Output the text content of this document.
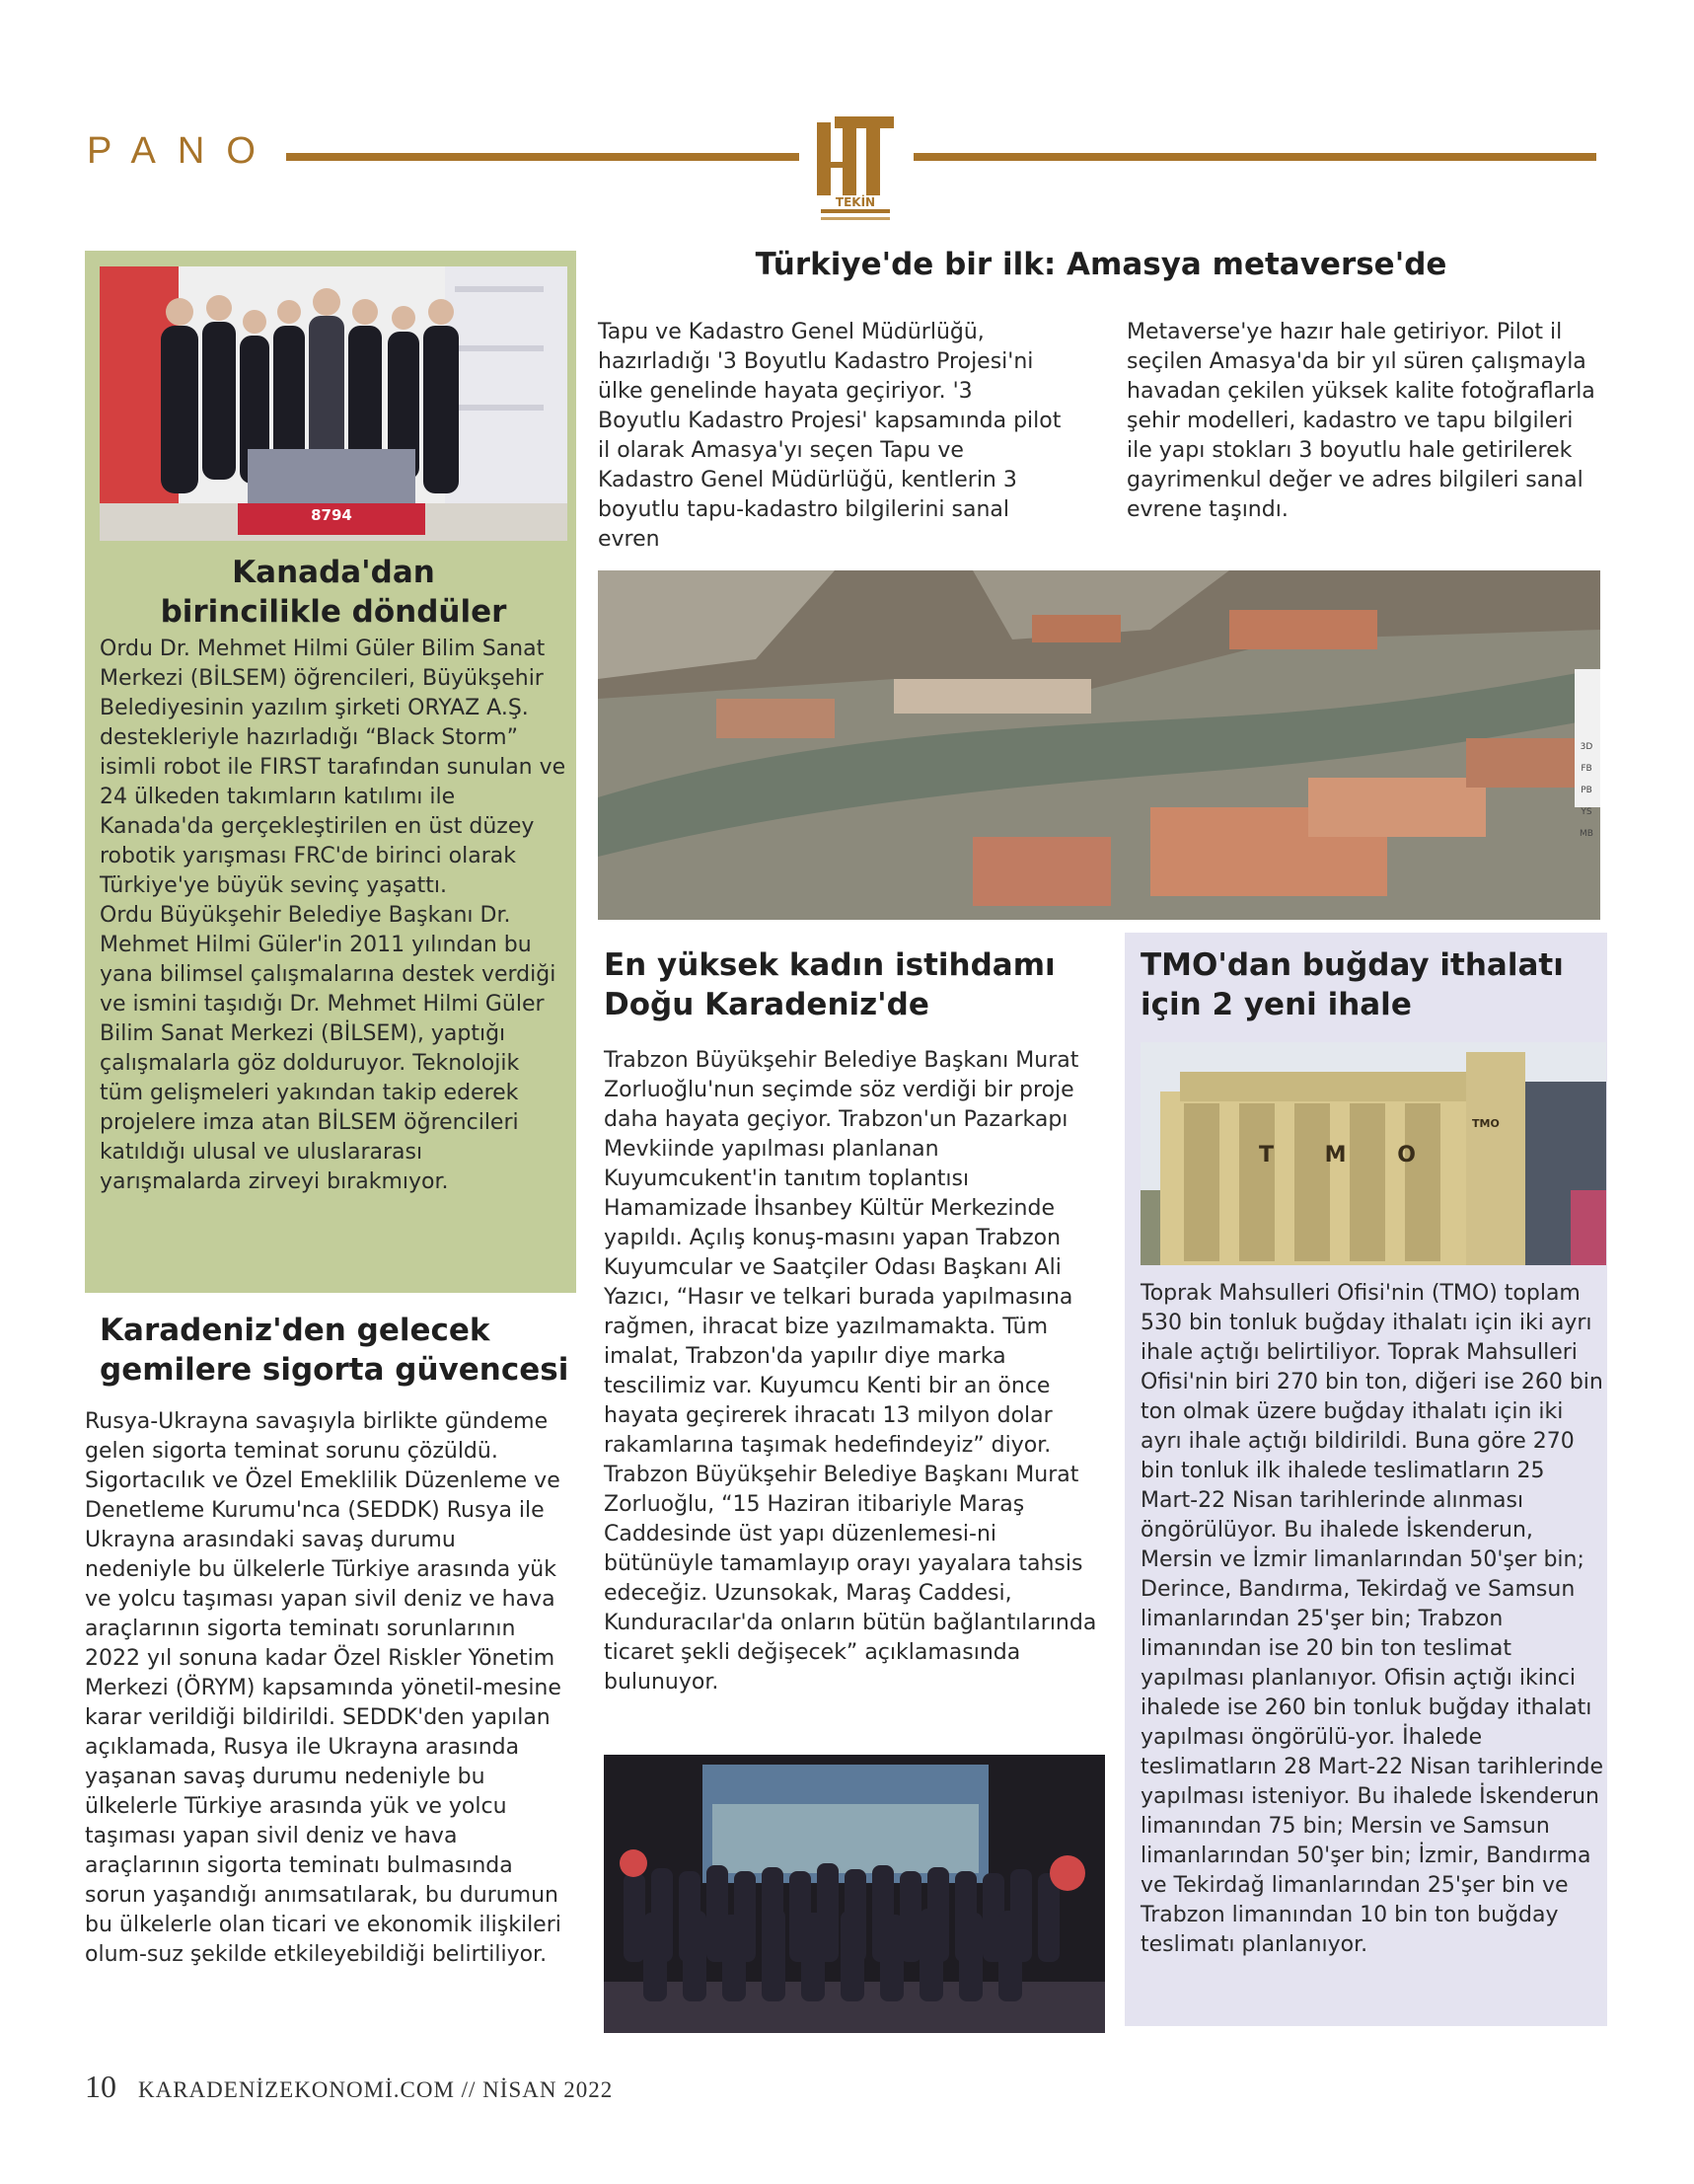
PANO
TEKİN
Türkiye'de bir ilk: Amasya metaverse'de

Tapu ve Kadastro Genel Müdürlüğü, hazırladığı '3 Boyutlu Kadastro Projesi'ni ülke genelinde hayata geçiriyor. '3 Boyutlu Kadastro Projesi' kapsamında pilot il olarak Amasya'yı seçen Tapu ve Kadastro Genel Müdürlüğü, kentlerin 3 boyutlu tapu-kadastro bilgilerini sanal evren

Metaverse'ye hazır hale getiriyor. Pilot il seçilen Amasya'da bir yıl süren çalışmayla havadan çekilen yüksek kalite fotoğraflarla şehir modelleri, kadastro ve tapu bilgileri ile yapı stokları 3 boyutlu hale getirilerek gayrimenkul değer ve adres bilgileri sanal evrene taşındı.

3D
FB
PB
YS
MB
8794
Kanada'dan
birincilikle döndüler

Ordu Dr. Mehmet Hilmi Güler Bilim Sanat Merkezi (BİLSEM) öğrencileri, Büyükşehir Belediyesinin yazılım şirketi ORYAZ A.Ş. destekleriyle hazırladığı “Black Storm” isimli robot ile FIRST tarafından sunulan ve 24 ülkeden takımların katılımı ile Kanada'da gerçekleştirilen en üst düzey robotik yarışması FRC'de birinci olarak Türkiye'ye büyük sevinç yaşattı.
Ordu Büyükşehir Belediye Başkanı Dr. Mehmet Hilmi Güler'in 2011 yılından bu yana bilimsel çalışmalarına destek verdiği ve ismini taşıdığı Dr. Mehmet Hilmi Güler Bilim Sanat Merkezi (BİLSEM), yaptığı çalışmalarla göz dolduruyor. Teknolojik tüm gelişmeleri yakından takip ederek projelere imza atan BİLSEM öğrencileri katıldığı ulusal ve uluslararası yarışmalarda zirveyi bırakmıyor.

Karadeniz'den gelecek
gemilere sigorta güvencesi

Rusya-Ukrayna savaşıyla birlikte gündeme gelen sigorta teminat sorunu çözüldü. Sigortacılık ve Özel Emeklilik Düzenleme ve Denetleme Kurumu'nca (SEDDK) Rusya ile Ukrayna arasındaki savaş durumu nedeniyle bu ülkelerle Türkiye arasında yük ve yolcu taşıması yapan sivil deniz ve hava araçlarının sigorta teminatı sorunlarının 2022 yıl sonuna kadar Özel Riskler Yönetim Merkezi (ÖRYM) kapsamında yönetil-mesine karar verildiği bildirildi. SEDDK'den yapılan açıklamada, Rusya ile Ukrayna arasında yaşanan savaş durumu nedeniyle bu ülkelerle Türkiye arasında yük ve yolcu taşıması yapan sivil deniz ve hava araçlarının sigorta teminatı bulmasında sorun yaşandığı anımsatılarak, bu durumun bu ülkelerle olan ticari ve ekonomik ilişkileri olum-suz şekilde etkileyebildiği belirtiliyor.

En yüksek kadın istihdamı
Doğu Karadeniz'de

Trabzon Büyükşehir Belediye Başkanı Murat Zorluoğlu'nun seçimde söz verdiği bir proje daha hayata geçiyor. Trabzon'un Pazarkapı Mevkiinde yapılması planlanan Kuyumcukent'in tanıtım toplantısı Hamamizade İhsanbey Kültür Merkezinde yapıldı. Açılış konuş-masını yapan Trabzon Kuyumcular ve Saatçiler Odası Başkanı Ali Yazıcı, “Hasır ve telkari burada yapılmasına rağmen, ihracat bize yazılmamakta. Tüm imalat, Trabzon'da yapılır diye marka tescilimiz var. Kuyumcu Kenti bir an önce hayata geçirerek ihracatı 13 milyon dolar rakamlarına taşımak hedefindeyiz” diyor. Trabzon Büyükşehir Belediye Başkanı Murat Zorluoğlu, “15 Haziran itibariyle Maraş Caddesinde üst yapı düzenlemesi-ni bütünüyle tamamlayıp orayı yayalara tahsis edeceğiz. Uzunsokak, Maraş Caddesi, Kunduracılar'da onların bütün bağlantılarında ticaret şekli değişecek” açıklamasında bulunuyor.

TMO'dan buğday ithalatı
için 2 yeni ihale
T M O
TMO

Toprak Mahsulleri Ofisi'nin (TMO) toplam 530 bin tonluk buğday ithalatı için iki ayrı ihale açtığı belirtiliyor. Toprak Mahsulleri Ofisi'nin biri 270 bin ton, diğeri ise 260 bin ton olmak üzere buğday ithalatı için iki ayrı ihale açtığı bildirildi. Buna göre 270 bin tonluk ilk ihalede teslimatların 25 Mart-22 Nisan tarihlerinde alınması öngörülüyor. Bu ihalede İskenderun, Mersin ve İzmir limanlarından 50'şer bin; Derince, Bandırma, Tekirdağ ve Samsun limanlarından 25'şer bin; Trabzon limanından ise 20 bin ton teslimat yapılması planlanıyor. Ofisin açtığı ikinci ihalede ise 260 bin tonluk buğday ithalatı yapılması öngörülü-yor. İhalede teslimatların 28 Mart-22 Nisan tarihlerinde yapılması isteniyor. Bu ihalede İskenderun limanından 75 bin; Mersin ve Samsun limanlarından 50'şer bin; İzmir, Bandırma ve Tekirdağ limanlarından 25'şer bin ve Trabzon limanından 10 bin ton buğday teslimatı planlanıyor.

10 KARADENİZEKONOMİ.COM // NİSAN 2022
